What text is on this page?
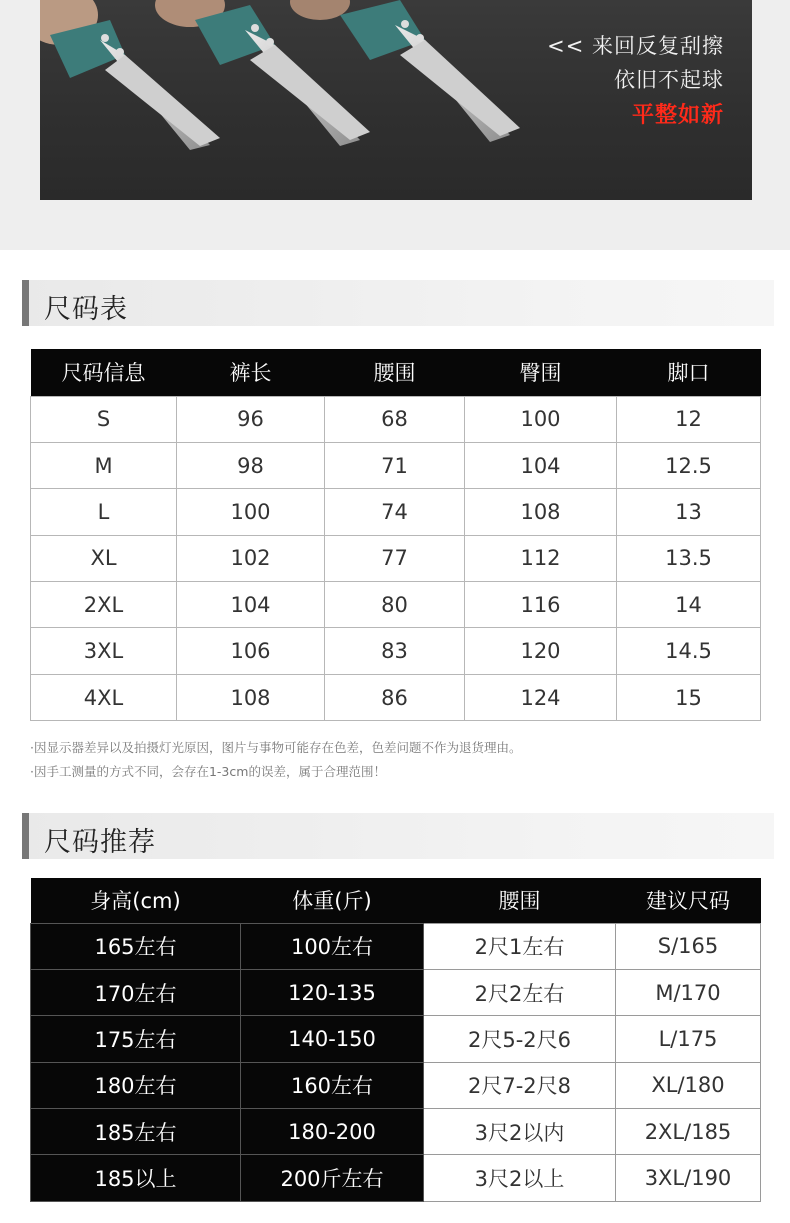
<< 来回反复刮擦
依旧不起球
平整如新
尺码表
尺码信息	裤长	腰围	臀围	脚口
S	96	68	100	12
M	98	71	104	12.5
L	100	74	108	13
XL	102	77	112	13.5
2XL	104	80	116	14
3XL	106	83	120	14.5
4XL	108	86	124	15
·因显示器差异以及拍摄灯光原因，图片与事物可能存在色差，色差问题不作为退货理由。
·因手工测量的方式不同，会存在1-3cm的误差，属于合理范围！
尺码推荐
身高(cm)	体重(斤)	腰围	建议尺码
165左右	100左右	2尺1左右	S/165
170左右	120-135	2尺2左右	M/170
175左右	140-150	2尺5-2尺6	L/175
180左右	160左右	2尺7-2尺8	XL/180
185左右	180-200	3尺2以内	2XL/185
185以上	200斤左右	3尺2以上	3XL/190
